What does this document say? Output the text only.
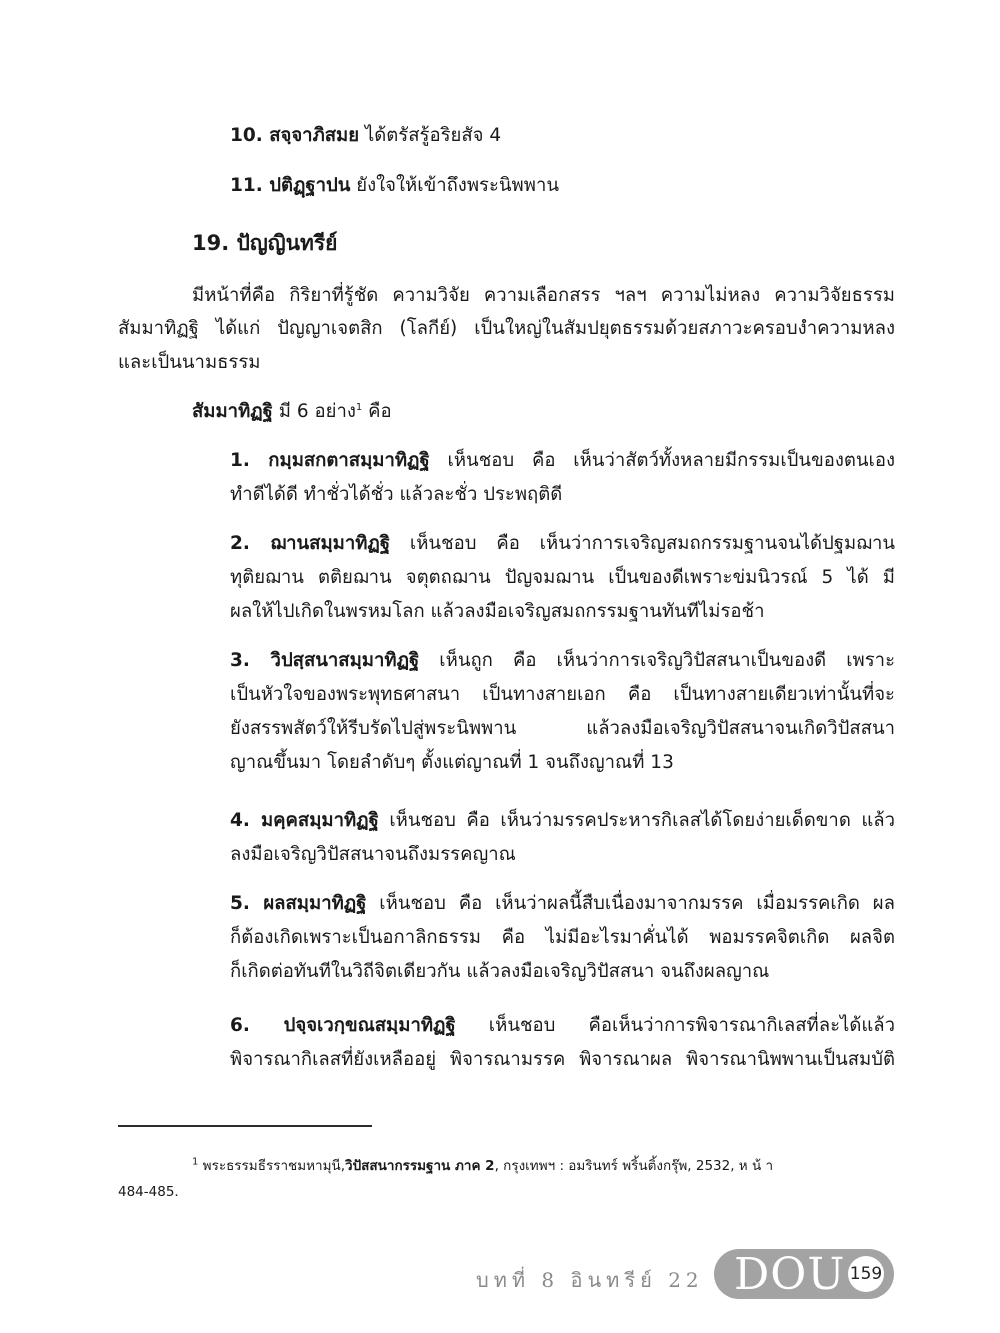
10. สจฺจาภิสมย ได้ตรัสรู้อริยสัจ 4
11. ปติฏฺฐาปน ยังใจให้เข้าถึงพระนิพพาน
19. ปัญญินทรีย์
มีหน้าที่คือ กิริยาที่รู้ชัด ความวิจัย ความเลือกสรร ฯลฯ ความไม่หลง ความวิจัยธรรม
สัมมาทิฏฐิ ได้แก่ ปัญญาเจตสิก (โลกีย์) เป็นใหญ่ในสัมปยุตธรรมด้วยสภาวะครอบงำความหลง
และเป็นนามธรรม
สัมมาทิฏฐิ มี 6 อย่าง$^1$ คือ
1. กมฺมสกตาสมฺมาทิฏฐิ เห็นชอบ คือ เห็นว่าสัตว์ทั้งหลายมีกรรมเป็นของตนเอง
ทำดีได้ดี ทำชั่วได้ชั่ว แล้วละชั่ว ประพฤติดี
2. ฌานสมฺมาทิฏฐิ เห็นชอบ คือ เห็นว่าการเจริญสมถกรรมฐานจนได้ปฐมฌาน
ทุติยฌาน ตติยฌาน จตุตถฌาน ปัญจมฌาน เป็นของดีเพราะข่มนิวรณ์ 5 ได้ มี
ผลให้ไปเกิดในพรหมโลก แล้วลงมือเจริญสมถกรรมฐานทันทีไม่รอช้า
3. วิปสฺสนาสมฺมาทิฏฐิ เห็นถูก คือ เห็นว่าการเจริญวิปัสสนาเป็นของดี เพราะ
เป็นหัวใจของพระพุทธศาสนา เป็นทางสายเอก คือ เป็นทางสายเดียวเท่านั้นที่จะ
ยังสรรพสัตว์ให้รีบรัดไปสู่พระนิพพาน แล้วลงมือเจริญวิปัสสนาจนเกิดวิปัสสนา
ญาณขึ้นมา โดยลำดับๆ ตั้งแต่ญาณที่ 1 จนถึงญาณที่ 13
4. มคฺคสมฺมาทิฏฐิ เห็นชอบ คือ เห็นว่ามรรคประหารกิเลสได้โดยง่ายเด็ดขาด แล้ว
ลงมือเจริญวิปัสสนาจนถึงมรรคญาณ
5. ผลสมฺมาทิฏฐิ เห็นชอบ คือ เห็นว่าผลนี้สืบเนื่องมาจากมรรค เมื่อมรรคเกิด ผล
ก็ต้องเกิดเพราะเป็นอกาลิกธรรม คือ ไม่มีอะไรมาคั่นได้ พอมรรคจิตเกิด ผลจิต
ก็เกิดต่อทันทีในวิถีจิตเดียวกัน แล้วลงมือเจริญวิปัสสนา จนถึงผลญาณ
6. ปจฺจเวกฺขณสมฺมาทิฏฐิ เห็นชอบ คือเห็นว่าการพิจารณากิเลสที่ละได้แล้ว
พิจารณากิเลสที่ยังเหลืออยู่ พิจารณามรรค พิจารณาผล พิจารณานิพพานเป็นสมบัติ
$^1$ พระธรรมธีรราชมหามุนี,วิปัสสนากรรมฐาน ภาค 2, กรุงเทพฯ : อมรินทร์ พริ้นติ้งกรุ๊พ, 2532, ห น้ า
484-485.
บทที่ 8 อินทรีย์ 22 DOU 159
